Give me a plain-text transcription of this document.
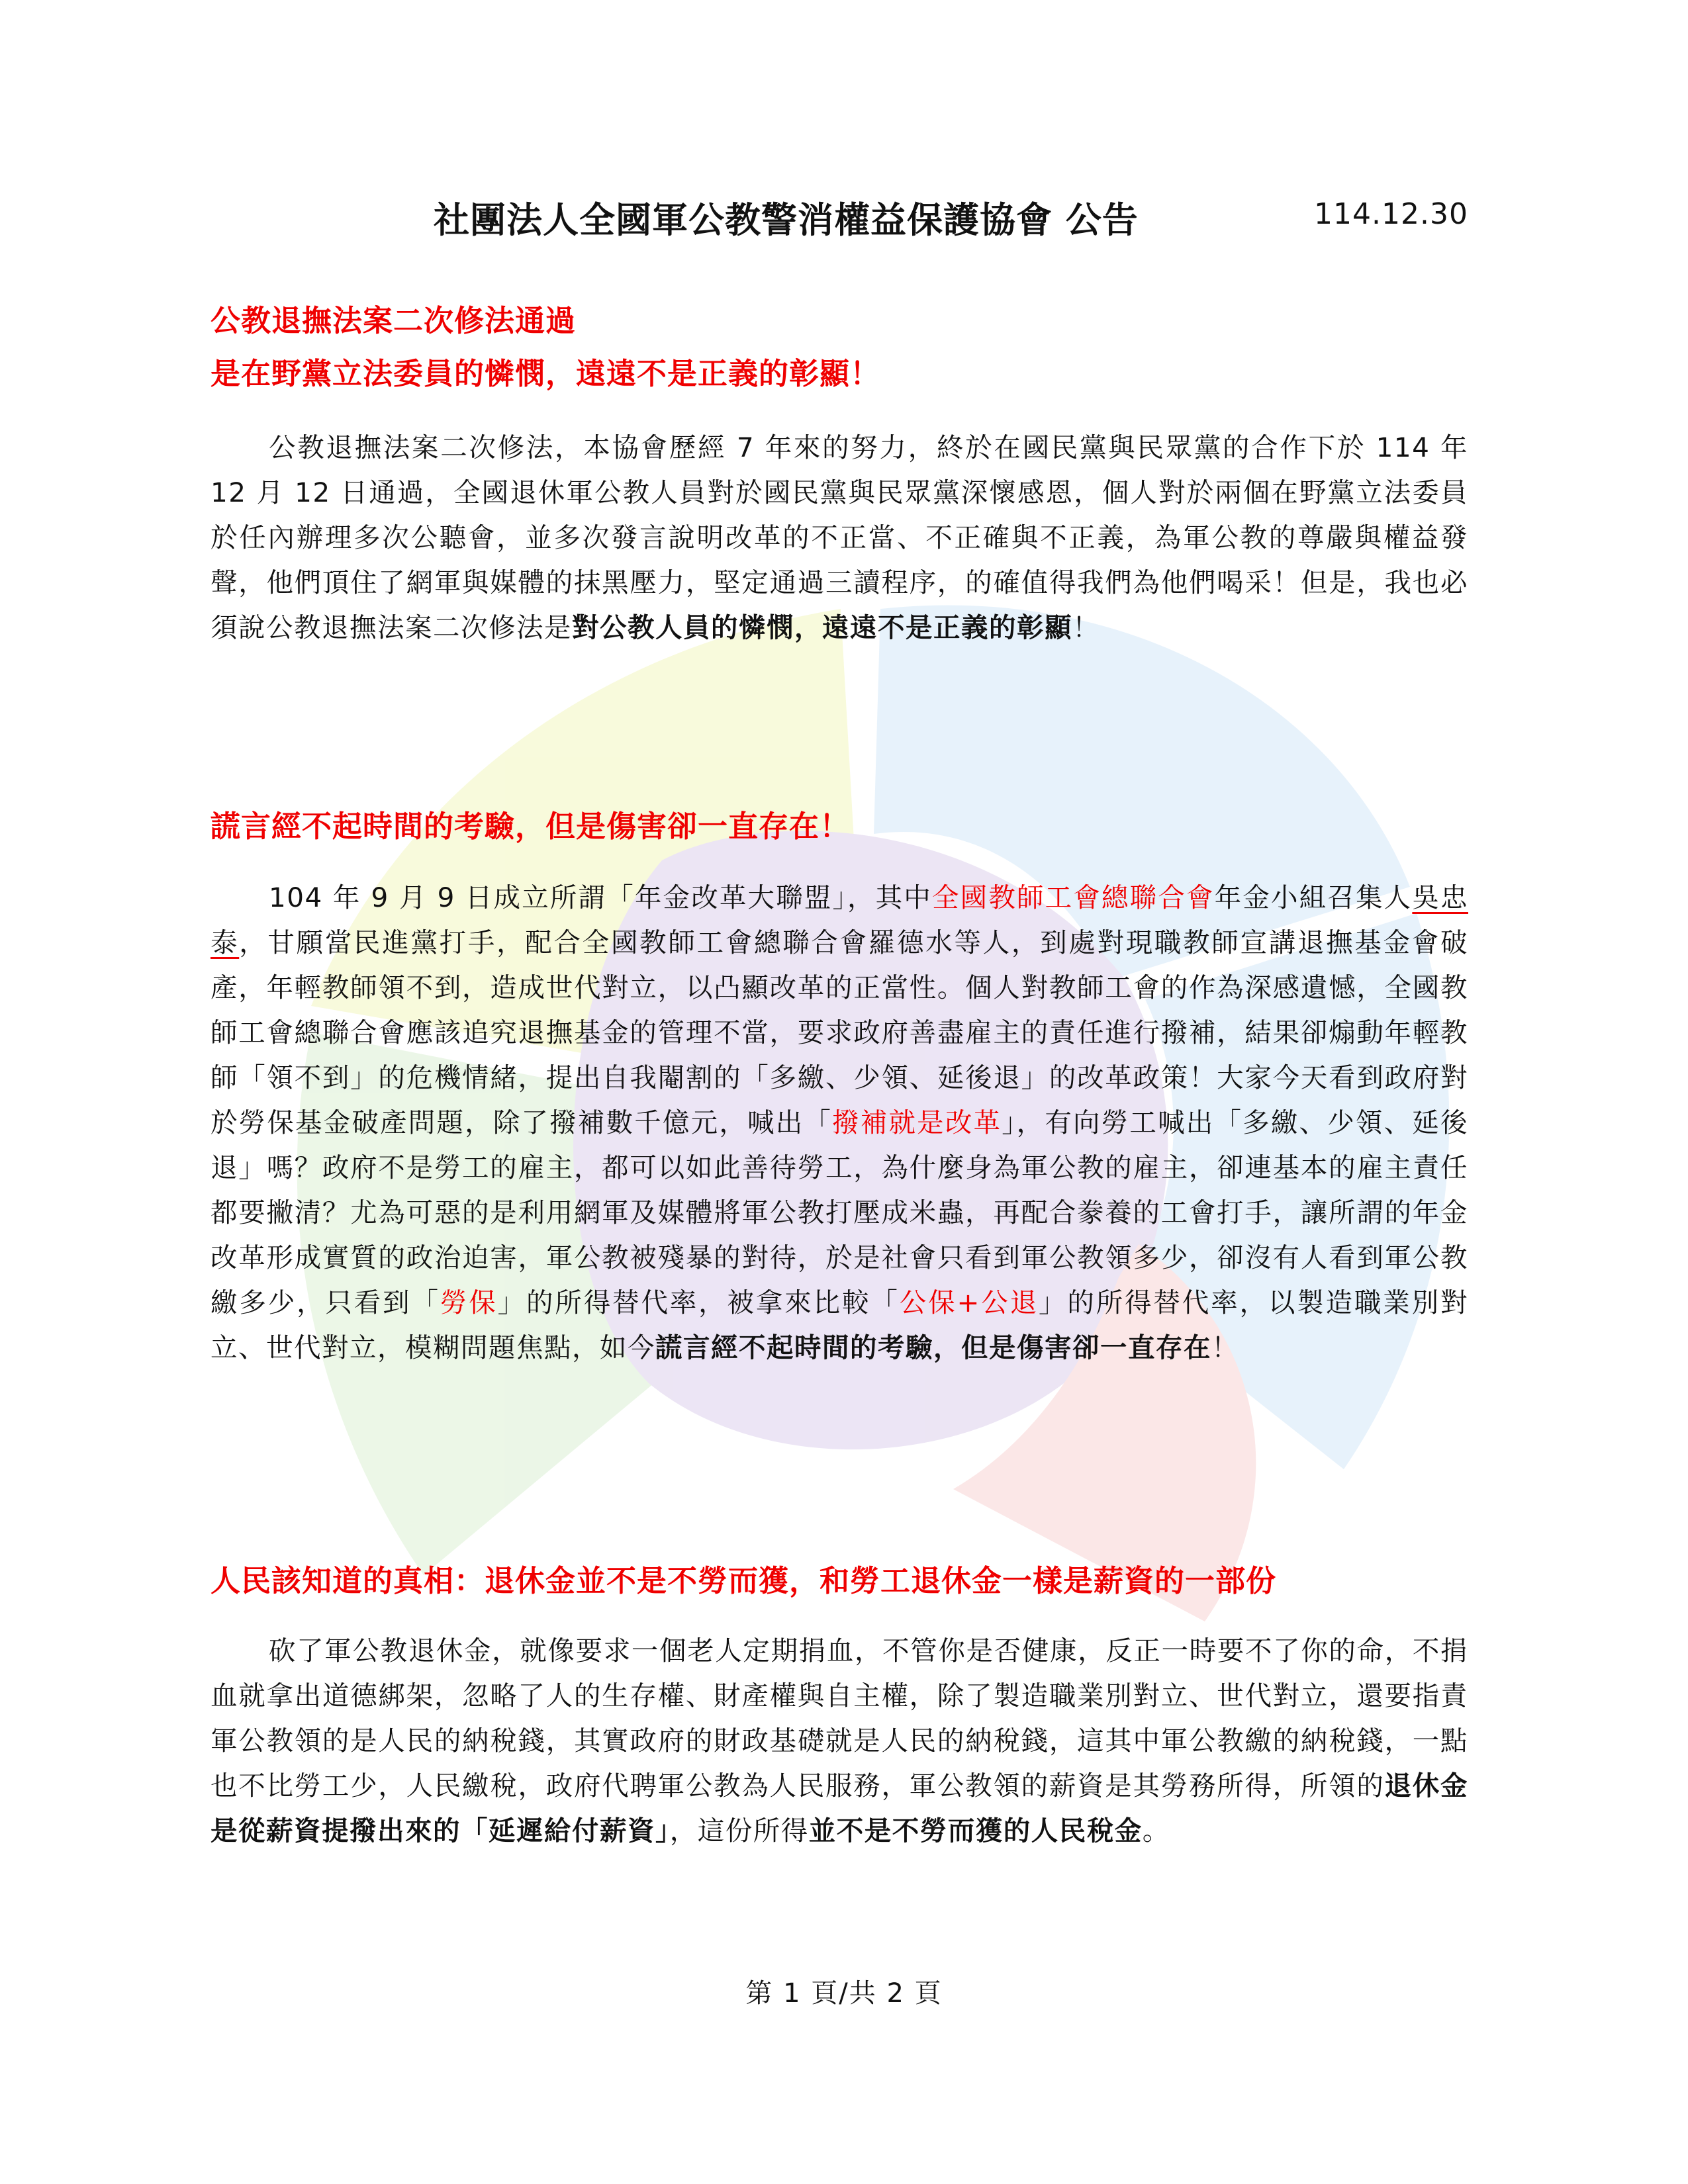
社團法人全國軍公教警消權益保護協會 公告	114.12.30
公教退撫法案二次修法通過
是在野黨立法委員的憐憫，遠遠不是正義的彰顯！
公教退撫法案二次修法，本協會歷經 7 年來的努力，終於在國民黨與民眾黨的合作下於 114 年 12 月 12 日通過，全國退休軍公教人員對於國民黨與民眾黨深懷感恩，個人對於兩個在野黨立法委員於任內辦理多次公聽會，並多次發言說明改革的不正當、不正確與不正義，為軍公教的尊嚴與權益發聲，他們頂住了網軍與媒體的抹黑壓力，堅定通過三讀程序，的確值得我們為他們喝采！但是，我也必須說公教退撫法案二次修法是對公教人員的憐憫，遠遠不是正義的彰顯！
謊言經不起時間的考驗，但是傷害卻一直存在！
104 年 9 月 9 日成立所謂「年金改革大聯盟」，其中全國教師工會總聯合會年金小組召集人吳忠泰，甘願當民進黨打手，配合全國教師工會總聯合會羅德水等人，到處對現職教師宣講退撫基金會破產，年輕教師領不到，造成世代對立，以凸顯改革的正當性。個人對教師工會的作為深感遺憾，全國教師工會總聯合會應該追究退撫基金的管理不當，要求政府善盡雇主的責任進行撥補，結果卻煽動年輕教師「領不到」的危機情緒，提出自我閹割的「多繳、少領、延後退」的改革政策！大家今天看到政府對於勞保基金破產問題，除了撥補數千億元，喊出「撥補就是改革」，有向勞工喊出「多繳、少領、延後退」嗎？政府不是勞工的雇主，都可以如此善待勞工，為什麼身為軍公教的雇主，卻連基本的雇主責任都要撇清？尤為可惡的是利用網軍及媒體將軍公教打壓成米蟲，再配合豢養的工會打手，讓所謂的年金改革形成實質的政治迫害，軍公教被殘暴的對待，於是社會只看到軍公教領多少，卻沒有人看到軍公教繳多少，只看到「勞保」的所得替代率，被拿來比較「公保+公退」的所得替代率，以製造職業別對立、世代對立，模糊問題焦點，如今謊言經不起時間的考驗，但是傷害卻一直存在！
人民該知道的真相：退休金並不是不勞而獲，和勞工退休金一樣是薪資的一部份
砍了軍公教退休金，就像要求一個老人定期捐血，不管你是否健康，反正一時要不了你的命，不捐血就拿出道德綁架，忽略了人的生存權、財產權與自主權，除了製造職業別對立、世代對立，還要指責軍公教領的是人民的納稅錢，其實政府的財政基礎就是人民的納稅錢，這其中軍公教繳的納稅錢，一點也不比勞工少，人民繳稅，政府代聘軍公教為人民服務，軍公教領的薪資是其勞務所得，所領的退休金是從薪資提撥出來的「延遲給付薪資」，這份所得並不是不勞而獲的人民稅金。
第 1 頁/共 2 頁
